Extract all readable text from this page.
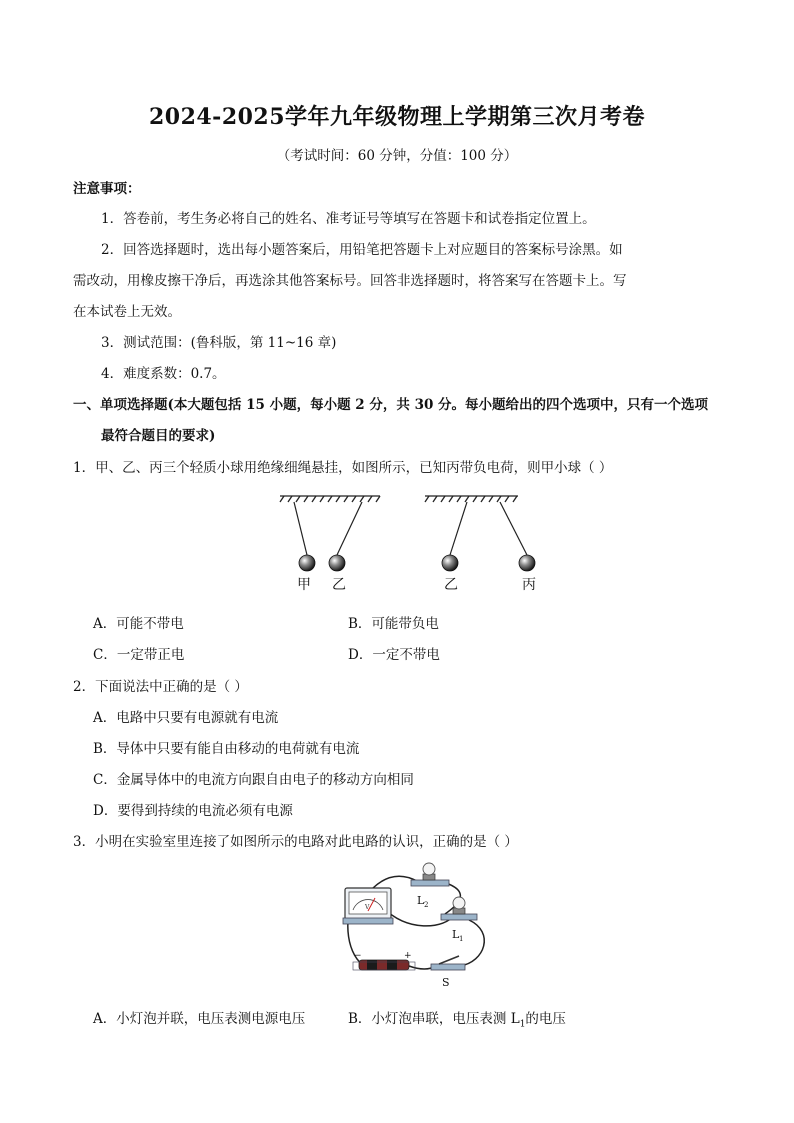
2024-2025学年九年级物理上学期第三次月考卷
（考试时间：60 分钟，分值：100 分）
注意事项：
1．答卷前，考生务必将自己的姓名、准考证号等填写在答题卡和试卷指定位置上。
2．回答选择题时，选出每小题答案后，用铅笔把答题卡上对应题目的答案标号涂黑。如
需改动，用橡皮擦干净后，再选涂其他答案标号。回答非选择题时，将答案写在答题卡上。写
在本试卷上无效。
3．测试范围：(鲁科版，第 11~16 章)
4．难度系数：0.7。
一、单项选择题(本大题包括 15 小题，每小题 2 分，共 30 分。每小题给出的四个选项中，只有一个选项
最符合题目的要求)
1．甲、乙、丙三个轻质小球用绝缘细绳悬挂，如图所示，已知丙带负电荷，则甲小球（ ）
甲 乙	乙	丙
A．可能不带电	B．可能带负电
C．一定带正电	D．一定不带电
2．下面说法中正确的是（ ）
A．电路中只要有电源就有电流
B．导体中只要有能自由移动的电荷就有电流
C．金属导体中的电流方向跟自由电子的移动方向相同
D．要得到持续的电流必须有电源
3．小明在实验室里连接了如图所示的电路对此电路的认识，正确的是（ ）
V
L 2
L 1
−	+
S
A．小灯泡并联，电压表测电源电压	B．小灯泡串联，电压表测 $L_1$的电压
